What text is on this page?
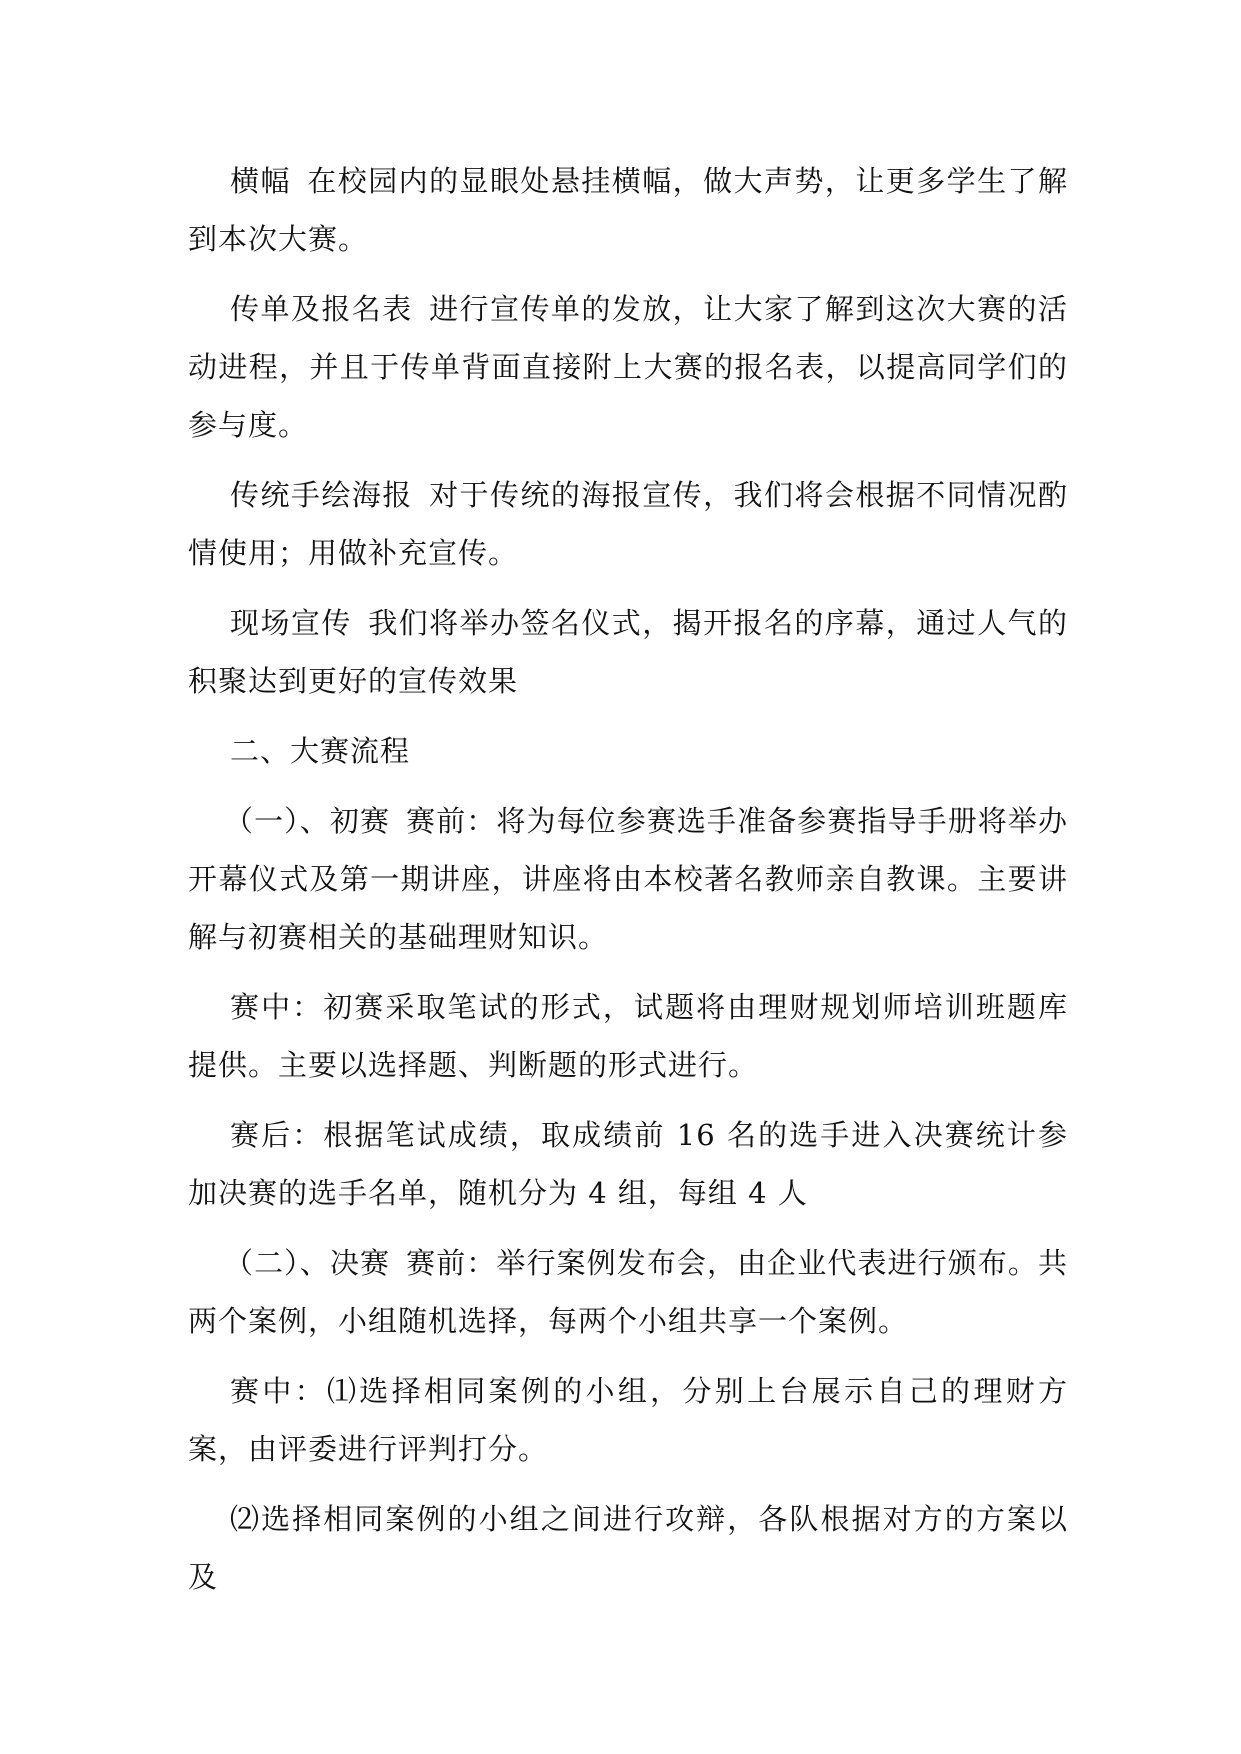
横幅 在校园内的显眼处悬挂横幅，做大声势，让更多学生了解到本次大赛。

传单及报名表 进行宣传单的发放，让大家了解到这次大赛的活动进程，并且于传单背面直接附上大赛的报名表，以提高同学们的参与度。

传统手绘海报 对于传统的海报宣传，我们将会根据不同情况酌情使用；用做补充宣传。

现场宣传 我们将举办签名仪式，揭开报名的序幕，通过人气的积聚达到更好的宣传效果

二、大赛流程

（一）、初赛 赛前：将为每位参赛选手准备参赛指导手册将举办开幕仪式及第一期讲座，讲座将由本校著名教师亲自教课。主要讲解与初赛相关的基础理财知识。

赛中：初赛采取笔试的形式，试题将由理财规划师培训班题库提供。主要以选择题、判断题的形式进行。

赛后：根据笔试成绩，取成绩前 16 名的选手进入决赛统计参加决赛的选手名单，随机分为 4 组，每组 4 人

（二）、决赛 赛前：举行案例发布会，由企业代表进行颁布。共两个案例，小组随机选择，每两个小组共享一个案例。

赛中：⑴选择相同案例的小组，分别上台展示自己的理财方案，由评委进行评判打分。

⑵选择相同案例的小组之间进行攻辩，各队根据对方的方案以及
